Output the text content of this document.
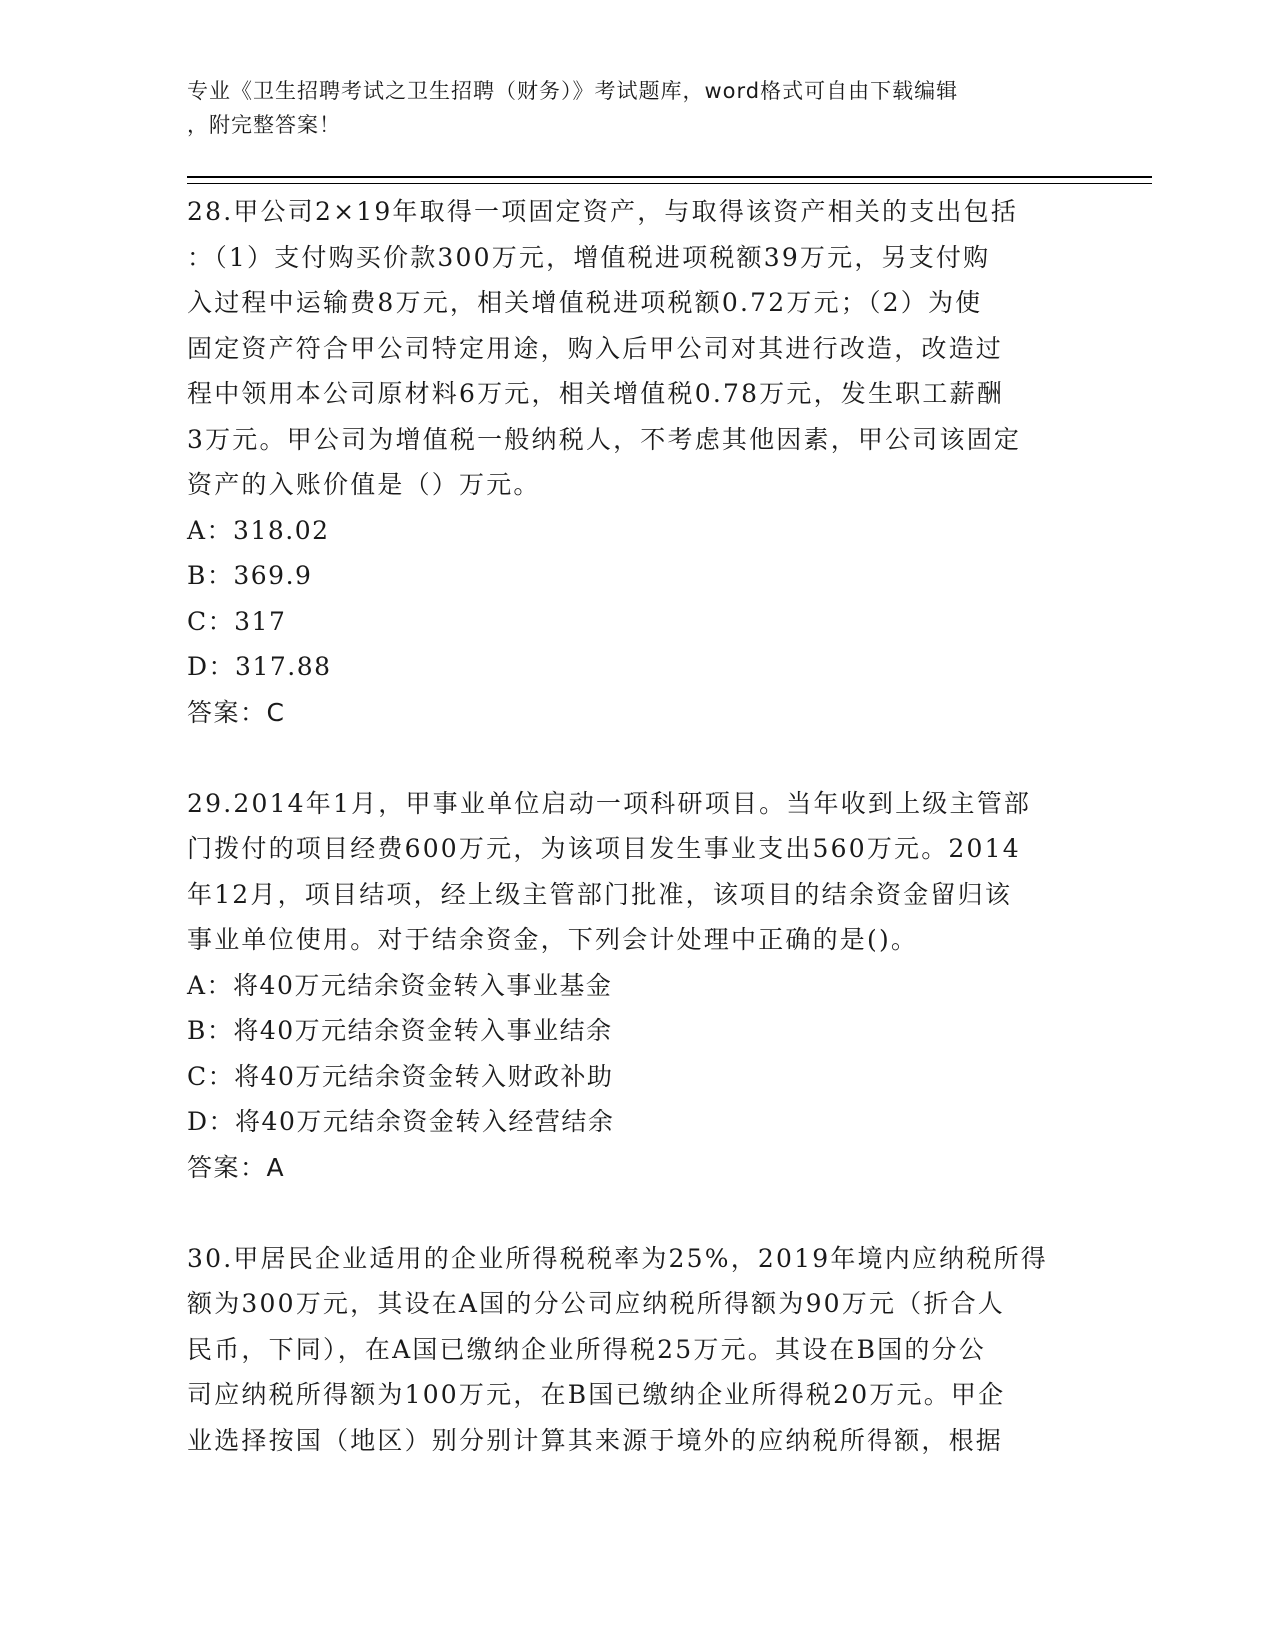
专业《卫生招聘考试之卫生招聘（财务）》考试题库，word格式可自由下载编辑
，附完整答案！
28.甲公司2×19年取得一项固定资产，与取得该资产相关的支出包括
：（1）支付购买价款300万元，增值税进项税额39万元，另支付购
入过程中运输费8万元，相关增值税进项税额0.72万元；（2）为使
固定资产符合甲公司特定用途，购入后甲公司对其进行改造，改造过
程中领用本公司原材料6万元，相关增值税0.78万元，发生职工薪酬
3万元。甲公司为增值税一般纳税人，不考虑其他因素，甲公司该固定
资产的入账价值是（）万元。
A：318.02
B：369.9
C：317
D：317.88
答案：C
29.2014年1月，甲事业单位启动一项科研项目。当年收到上级主管部
门拨付的项目经费600万元，为该项目发生事业支出560万元。2014
年12月，项目结项，经上级主管部门批准，该项目的结余资金留归该
事业单位使用。对于结余资金，下列会计处理中正确的是()。
A：将40万元结余资金转入事业基金
B：将40万元结余资金转入事业结余
C：将40万元结余资金转入财政补助
D：将40万元结余资金转入经营结余
答案：A
30.甲居民企业适用的企业所得税税率为25%，2019年境内应纳税所得
额为300万元，其设在A国的分公司应纳税所得额为90万元（折合人
民币，下同），在A国已缴纳企业所得税25万元。其设在B国的分公
司应纳税所得额为100万元，在B国已缴纳企业所得税20万元。甲企
业选择按国（地区）别分别计算其来源于境外的应纳税所得额，根据
